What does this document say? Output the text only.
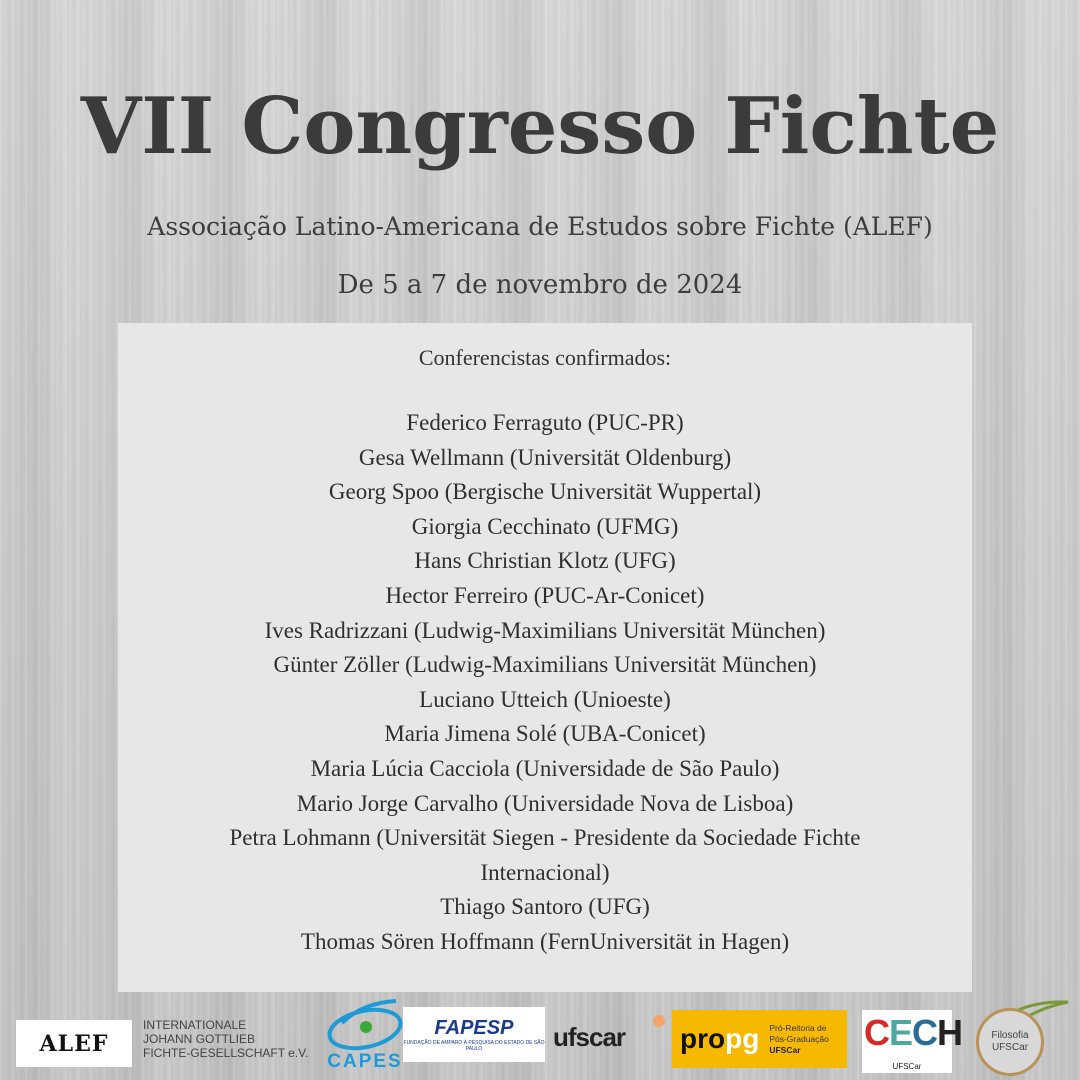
VII Congresso Fichte
Associação Latino-Americana de Estudos sobre Fichte (ALEF)
De 5 a 7 de novembro de 2024
Conferencistas confirmados:
Federico Ferraguto (PUC-PR)
Gesa Wellmann (Universität Oldenburg)
Georg Spoo (Bergische Universität Wuppertal)
Giorgia Cecchinato (UFMG)
Hans Christian Klotz (UFG)
Hector Ferreiro (PUC-Ar-Conicet)
Ives Radrizzani (Ludwig-Maximilians Universität München)
Günter Zöller (Ludwig-Maximilians Universität München)
Luciano Utteich (Unioeste)
Maria Jimena Solé (UBA-Conicet)
Maria Lúcia Cacciola (Universidade de São Paulo)
Mario Jorge Carvalho (Universidade Nova de Lisboa)
Petra Lohmann (Universität Siegen - Presidente da Sociedade Fichte
Internacional)
Thiago Santoro (UFG)
Thomas Sören Hoffmann (FernUniversität in Hagen)
ALEF
INTERNATIONALE
JOHANN GOTTLIEB
FICHTE-GESELLSCHAFT e.V. CAPES
FAPESP
FUNDAÇÃO DE AMPARO À PESQUISA DO ESTADO DE SÃO PAULO	ufscar propg Pró-Reitoria de
Pós-Graduação
UFSCar	CECH
UFSCar
Filosofia
UFSCar
